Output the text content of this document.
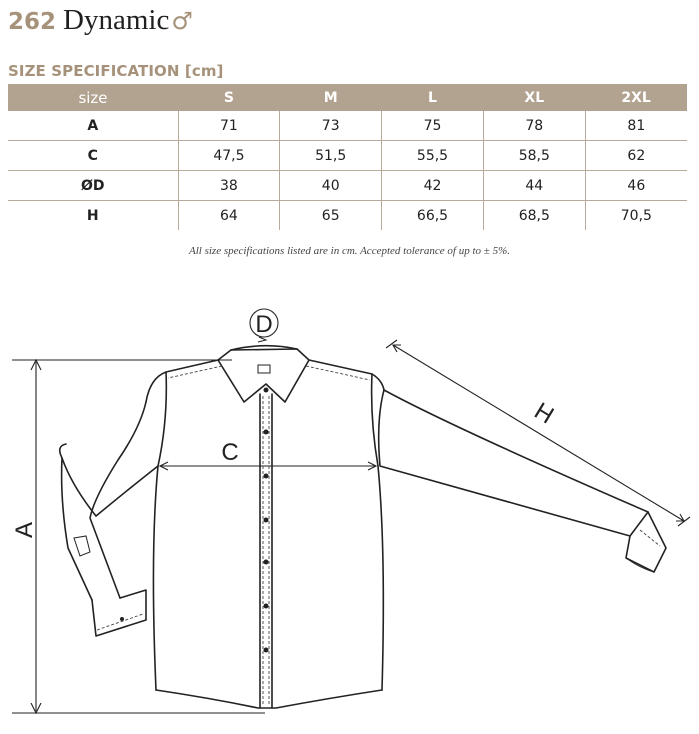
262 Dynamic ♂
SIZE SPECIFICATION [cm]
size	S	M	L	XL	2XL
A	71	73	75	78	81
C	47,5	51,5	55,5	58,5	62
ØD	38	40	42	44	46
H	64	65	66,5	68,5	70,5
All size specifications listed are in cm. Accepted tolerance of up to ± 5%.
A
D
H
C
